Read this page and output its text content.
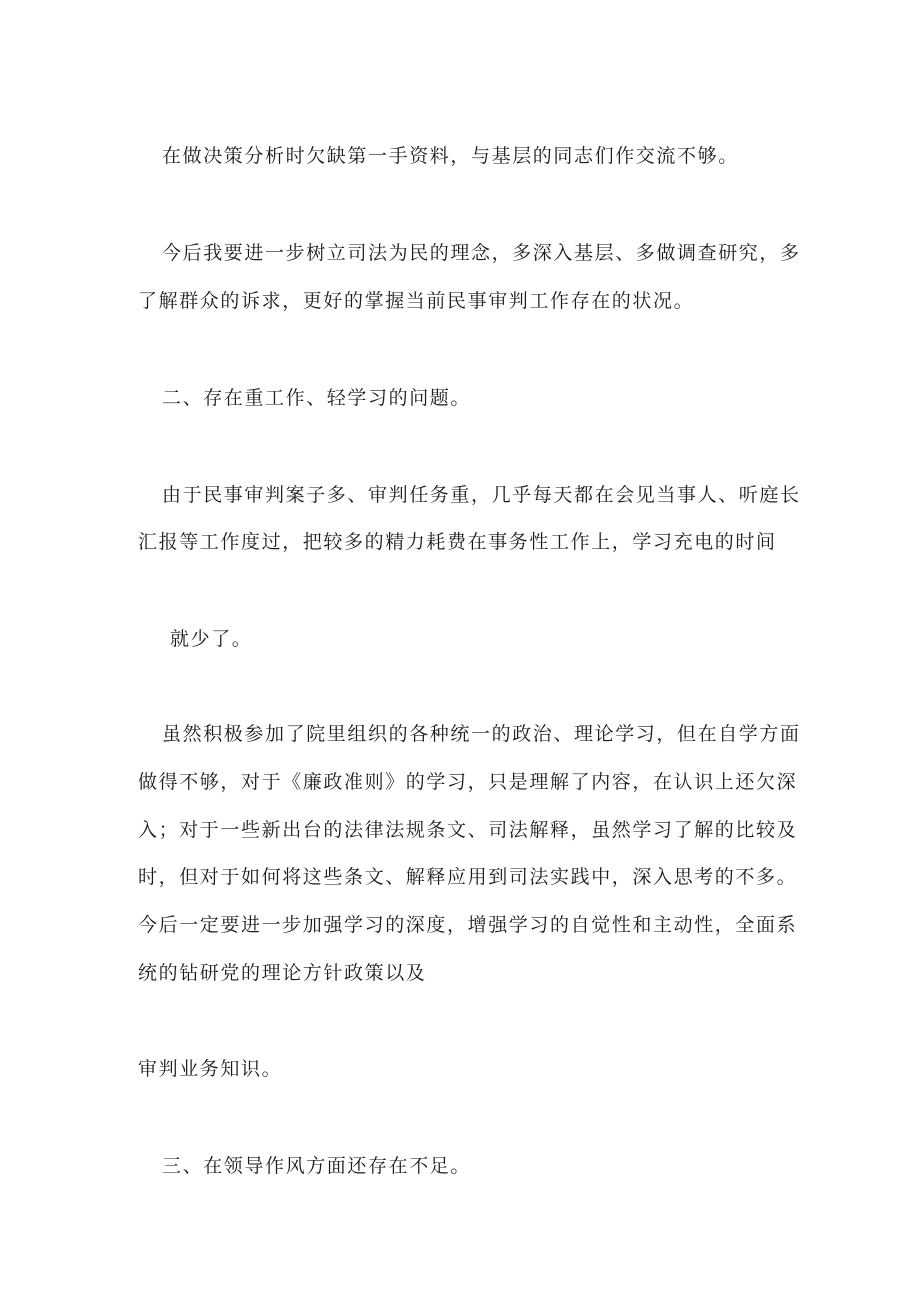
在做决策分析时欠缺第一手资料，与基层的同志们作交流不够。
今后我要进一步树立司法为民的理念，多深入基层、多做调查研究，多
了解群众的诉求，更好的掌握当前民事审判工作存在的状况。
二、存在重工作、轻学习的问题。
由于民事审判案子多、审判任务重，几乎每天都在会见当事人、听庭长
汇报等工作度过，把较多的精力耗费在事务性工作上，学习充电的时间
就少了。
虽然积极参加了院里组织的各种统一的政治、理论学习，但在自学方面
做得不够，对于《廉政准则》的学习，只是理解了内容，在认识上还欠深
入；对于一些新出台的法律法规条文、司法解释，虽然学习了解的比较及
时，但对于如何将这些条文、解释应用到司法实践中，深入思考的不多。
今后一定要进一步加强学习的深度，增强学习的自觉性和主动性，全面系
统的钻研党的理论方针政策以及
审判业务知识。
三、在领导作风方面还存在不足。
